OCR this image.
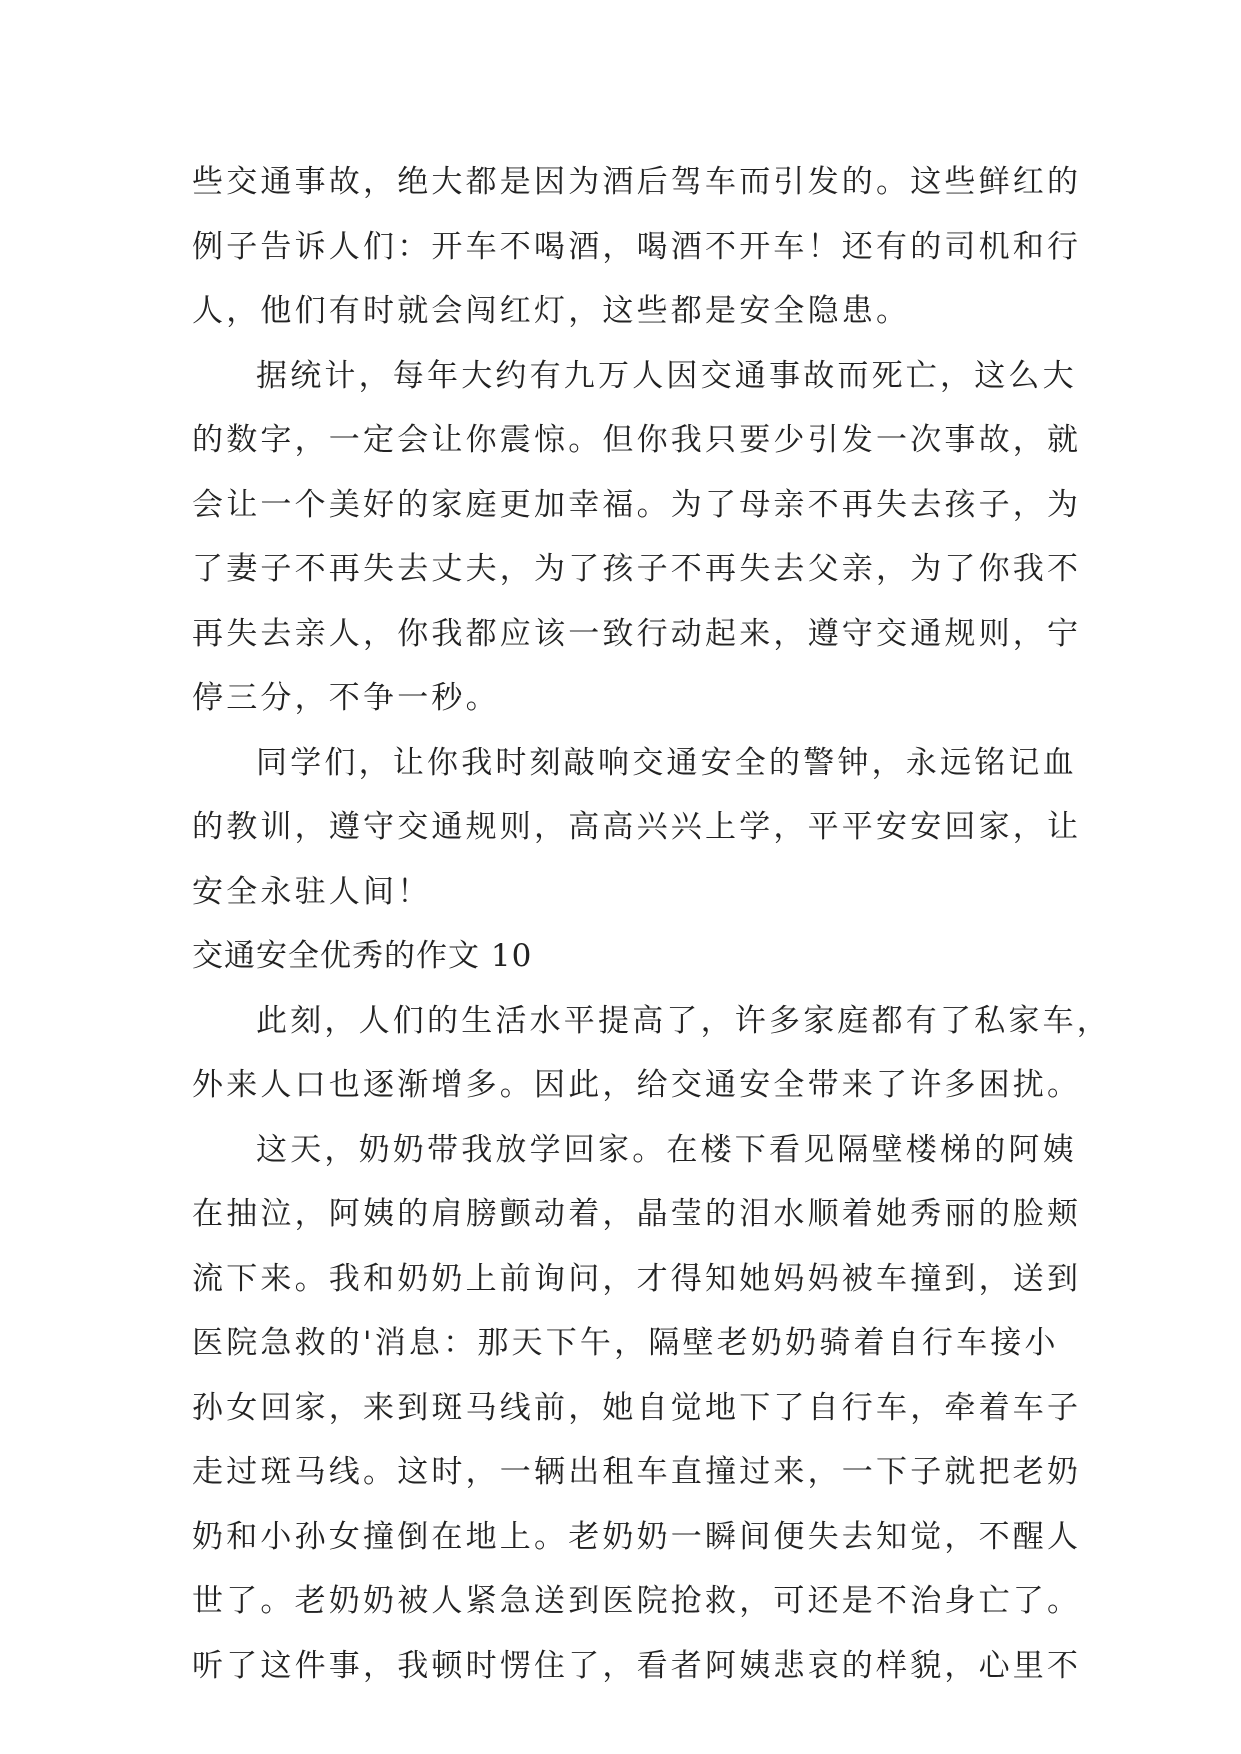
些交通事故，绝大都是因为酒后驾车而引发的。这些鲜红的
例子告诉人们：开车不喝酒，喝酒不开车！还有的司机和行
人，他们有时就会闯红灯，这些都是安全隐患。
据统计，每年大约有九万人因交通事故而死亡，这么大
的数字，一定会让你震惊。但你我只要少引发一次事故，就
会让一个美好的家庭更加幸福。为了母亲不再失去孩子，为
了妻子不再失去丈夫，为了孩子不再失去父亲，为了你我不
再失去亲人，你我都应该一致行动起来，遵守交通规则，宁
停三分，不争一秒。
同学们，让你我时刻敲响交通安全的警钟，永远铭记血
的教训，遵守交通规则，高高兴兴上学，平平安安回家，让
安全永驻人间！
交通安全优秀的作文 10
此刻，人们的生活水平提高了，许多家庭都有了私家车，
外来人口也逐渐增多。因此，给交通安全带来了许多困扰。
这天，奶奶带我放学回家。在楼下看见隔壁楼梯的阿姨
在抽泣，阿姨的肩膀颤动着，晶莹的泪水顺着她秀丽的脸颊
流下来。我和奶奶上前询问，才得知她妈妈被车撞到，送到
医院急救的'消息：那天下午，隔壁老奶奶骑着自行车接小
孙女回家，来到斑马线前，她自觉地下了自行车，牵着车子
走过斑马线。这时，一辆出租车直撞过来，一下子就把老奶
奶和小孙女撞倒在地上。老奶奶一瞬间便失去知觉，不醒人
世了。老奶奶被人紧急送到医院抢救，可还是不治身亡了。
听了这件事，我顿时愣住了，看者阿姨悲哀的样貌，心里不
